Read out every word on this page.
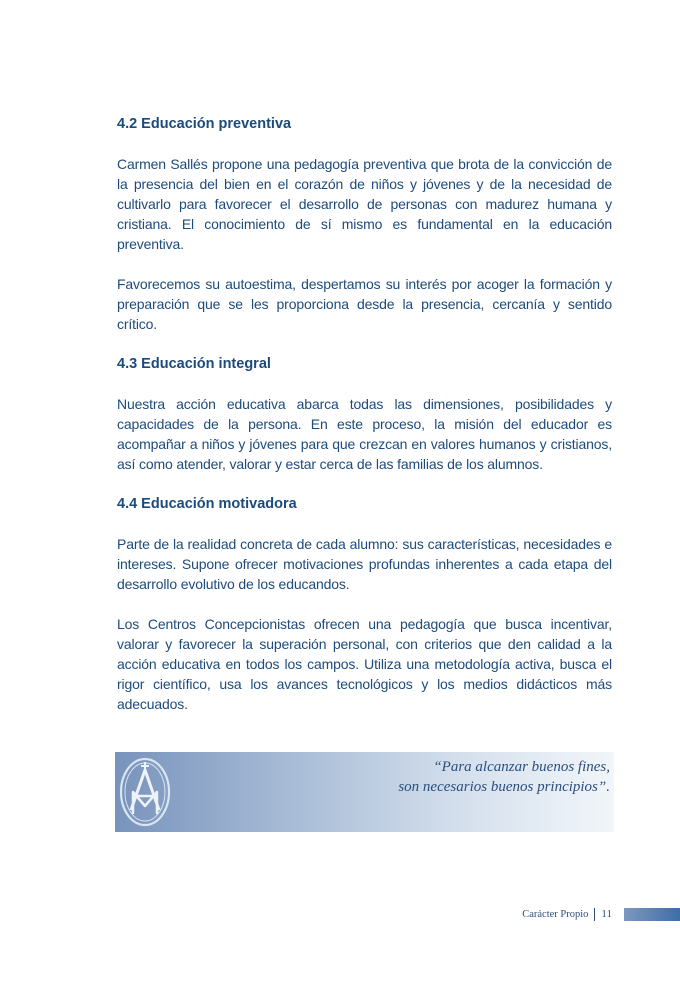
4.2 Educación preventiva

Carmen Sallés propone una pedagogía preventiva que brota de la convicción de la presencia del bien en el corazón de niños y jóvenes y de la necesidad de cultivarlo para favorecer el desarrollo de personas con madurez humana y cristiana. El conocimiento de sí mismo es fundamental en la educación preventiva.

Favorecemos su autoestima, despertamos su interés por acoger la formación y preparación que se les proporciona desde la presencia, cercanía y sentido crítico.

4.3 Educación integral

Nuestra acción educativa abarca todas las dimensiones, posibilidades y capacidades de la persona. En este proceso, la misión del educador es acompañar a niños y jóvenes para que crezcan en valores humanos y cristianos, así como atender, valorar y estar cerca de las familias de los alumnos.

4.4 Educación motivadora

Parte de la realidad concreta de cada alumno: sus características, necesidades e intereses. Supone ofrecer motivaciones profundas inherentes a cada etapa del desarrollo evolutivo de los educandos.

Los Centros Concepcionistas ofrecen una pedagogía que busca incentivar, valorar y favorecer la superación personal, con criterios que den calidad a la acción educativa en todos los campos. Utiliza una metodología activa, busca el rigor científico, usa los avances tecnológicos y los medios didácticos más adecuados.

“Para alcanzar buenos fines,
son necesarios buenos principios”.
Carácter Propio 11
